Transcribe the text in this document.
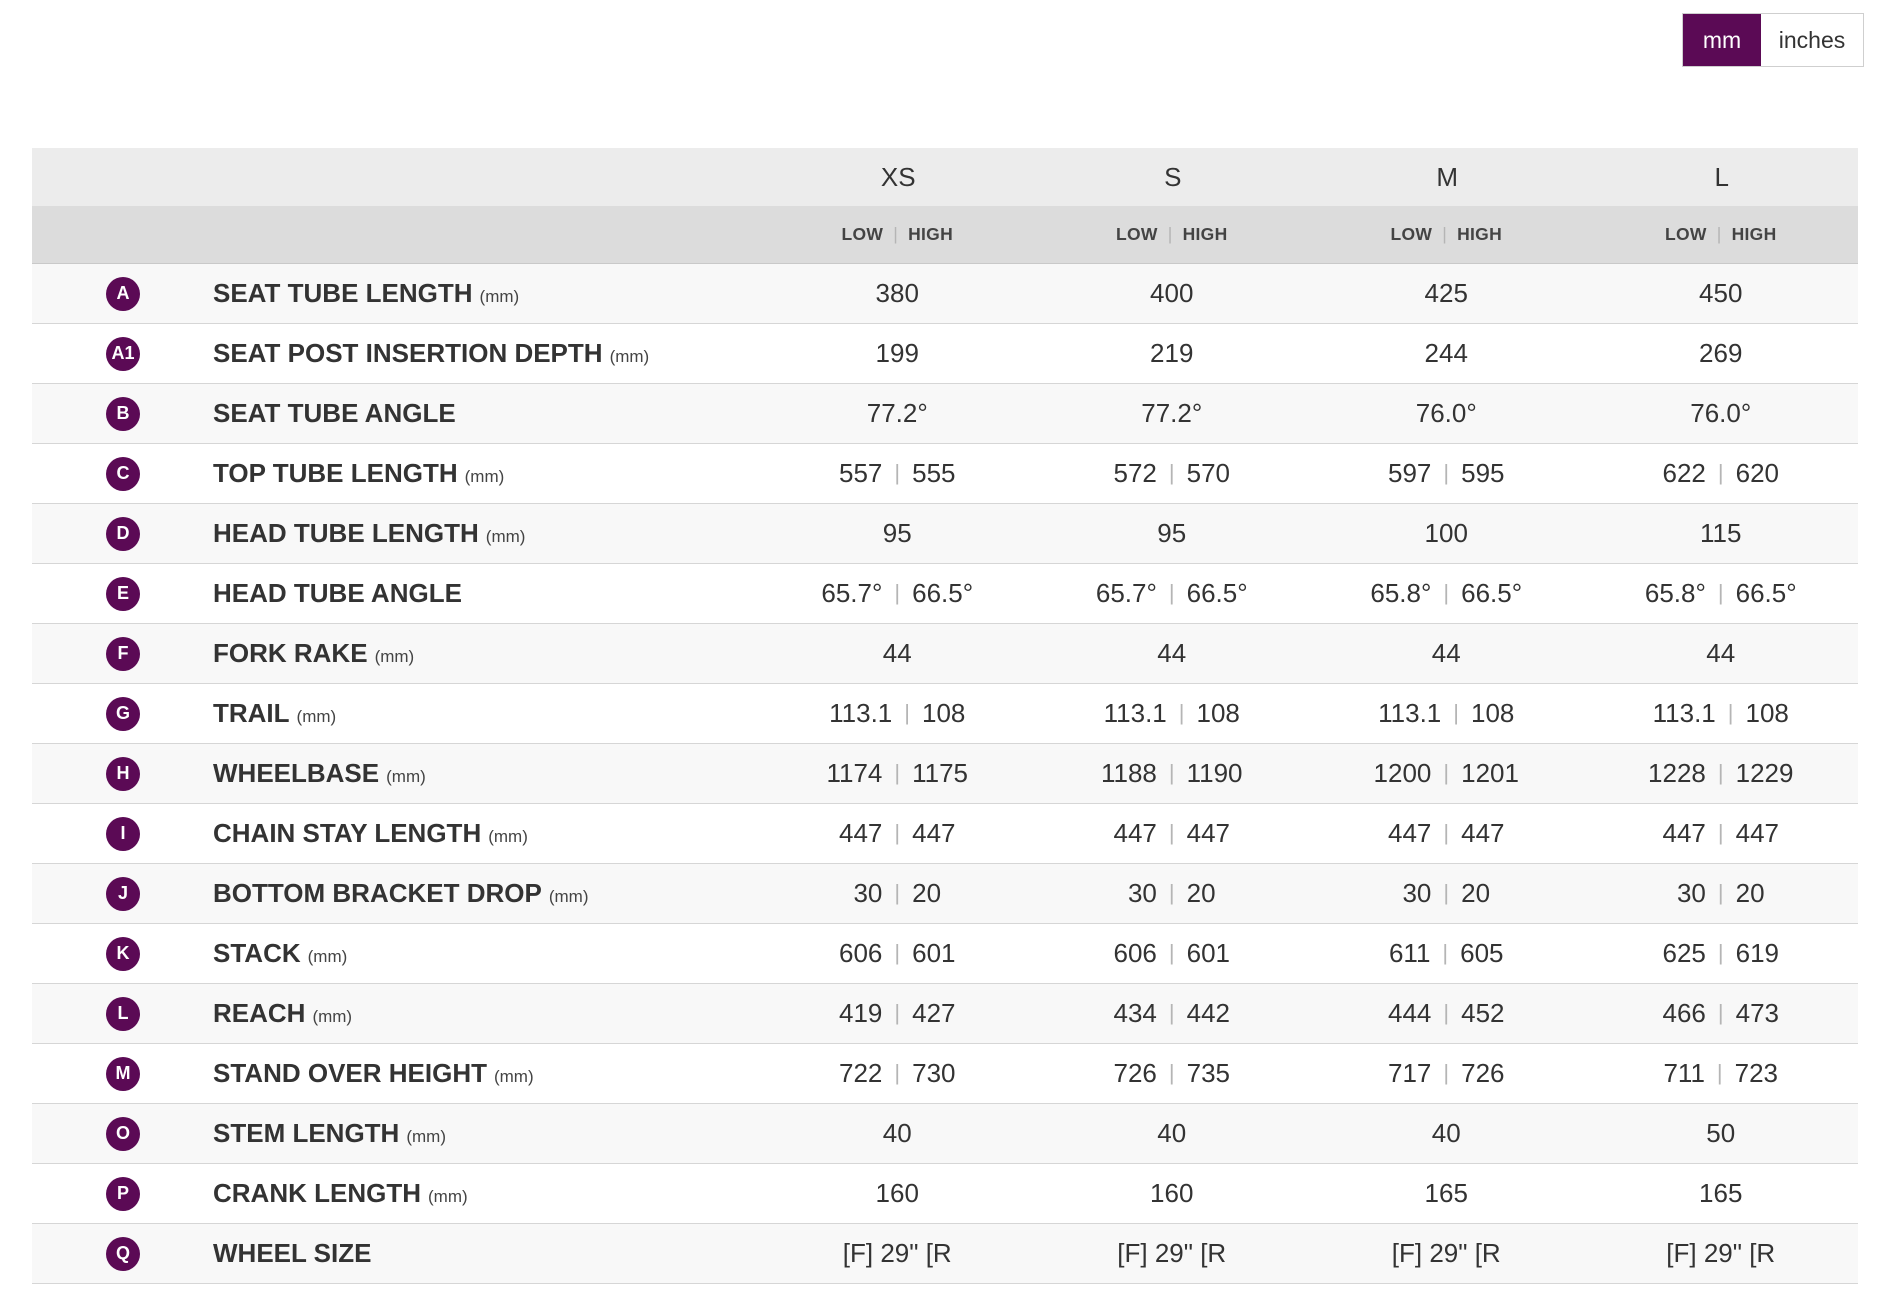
mm	inches
XS	S	M	L
LOW | HIGH	LOW | HIGH	LOW | HIGH	LOW | HIGH
A	SEAT TUBE LENGTH (mm)	380	400	425	450
A1	SEAT POST INSERTION DEPTH (mm)	199	219	244	269
B	SEAT TUBE ANGLE	77.2°	77.2°	76.0°	76.0°
C	TOP TUBE LENGTH (mm)	557 | 555	572 | 570	597 | 595	622 | 620
D	HEAD TUBE LENGTH (mm)	95	95	100	115
E	HEAD TUBE ANGLE	65.7° | 66.5°	65.7° | 66.5°	65.8° | 66.5°	65.8° | 66.5°
F	FORK RAKE (mm)	44	44	44	44
G	TRAIL (mm)	113.1 | 108	113.1 | 108	113.1 | 108	113.1 | 108
H	WHEELBASE (mm)	1174 | 1175	1188 | 1190	1200 | 1201	1228 | 1229
I	CHAIN STAY LENGTH (mm)	447 | 447	447 | 447	447 | 447	447 | 447
J	BOTTOM BRACKET DROP (mm)	30 | 20	30 | 20	30 | 20	30 | 20
K	STACK (mm)	606 | 601	606 | 601	611 | 605	625 | 619
L	REACH (mm)	419 | 427	434 | 442	444 | 452	466 | 473
M	STAND OVER HEIGHT (mm)	722 | 730	726 | 735	717 | 726	711 | 723
O	STEM LENGTH (mm)	40	40	40	50
P	CRANK LENGTH (mm)	160	160	165	165
Q	WHEEL SIZE	[F] 29" [R	[F] 29" [R	[F] 29" [R	[F] 29" [R
